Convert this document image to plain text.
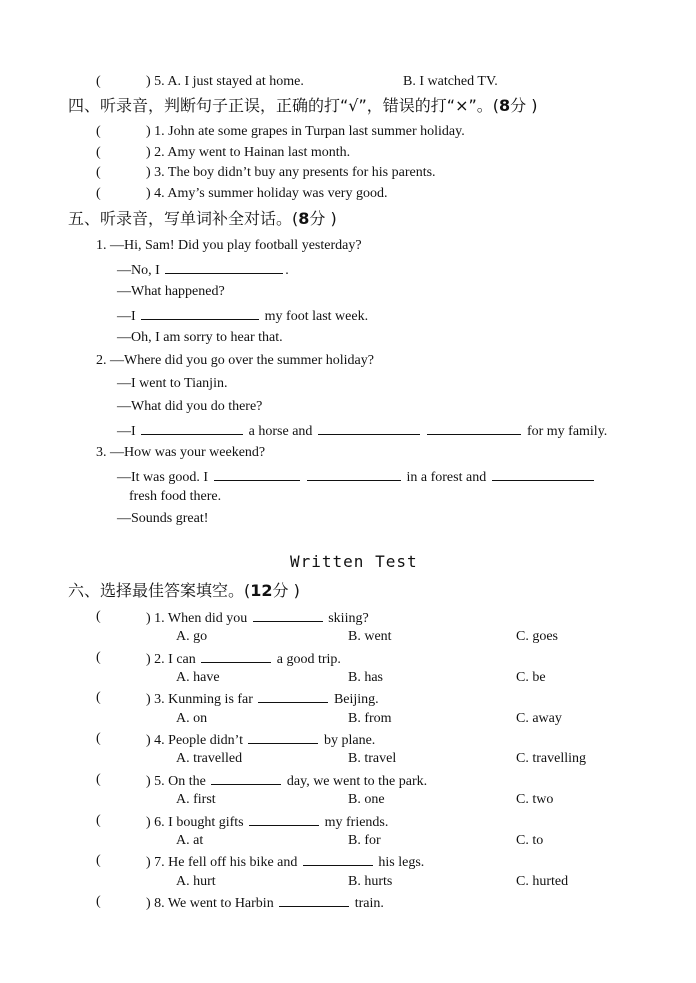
(	) 5. A. I just stayed at home.	B. I watched TV.
四、听录音，判断句子正误，正确的打“√”，错误的打“×”。(8分 )
(	) 1. John ate some grapes in Turpan last summer holiday.
(	) 2. Amy went to Hainan last month.
(	) 3. The boy didn’t buy any presents for his parents.
(	) 4. Amy’s summer holiday was very good.
五、听录音，写单词补全对话。(8分 )
1. —Hi, Sam! Did you play football yesterday?
—No, I	.
—What happened?
—I	my foot last week.
—Oh, I am sorry to hear that.
2. —Where did you go over the summer holiday?
—I went to Tianjin.
—What did you do there?
—I	a horse and	for my family.
3. —How was your weekend?
—It was good. I	in a forest and
fresh food there.
—Sounds great!
Written Test
六、选择最佳答案填空。(12分 )
(	) 1. When did you	skiing?
A. go	B. went	C. goes
(	) 2. I can	a good trip.
A. have	B. has	C. be
(	) 3. Kunming is far	Beijing.
A. on	B. from	C. away
(	) 4. People didn’t	by plane.
A. travelled	B. travel	C. travelling
(	) 5. On the	day, we went to the park.
A. first	B. one	C. two
(	) 6. I bought gifts	my friends.
A. at	B. for	C. to
(	) 7. He fell off his bike and	his legs.
A. hurt	B. hurts	C. hurted
(	) 8. We went to Harbin	train.
